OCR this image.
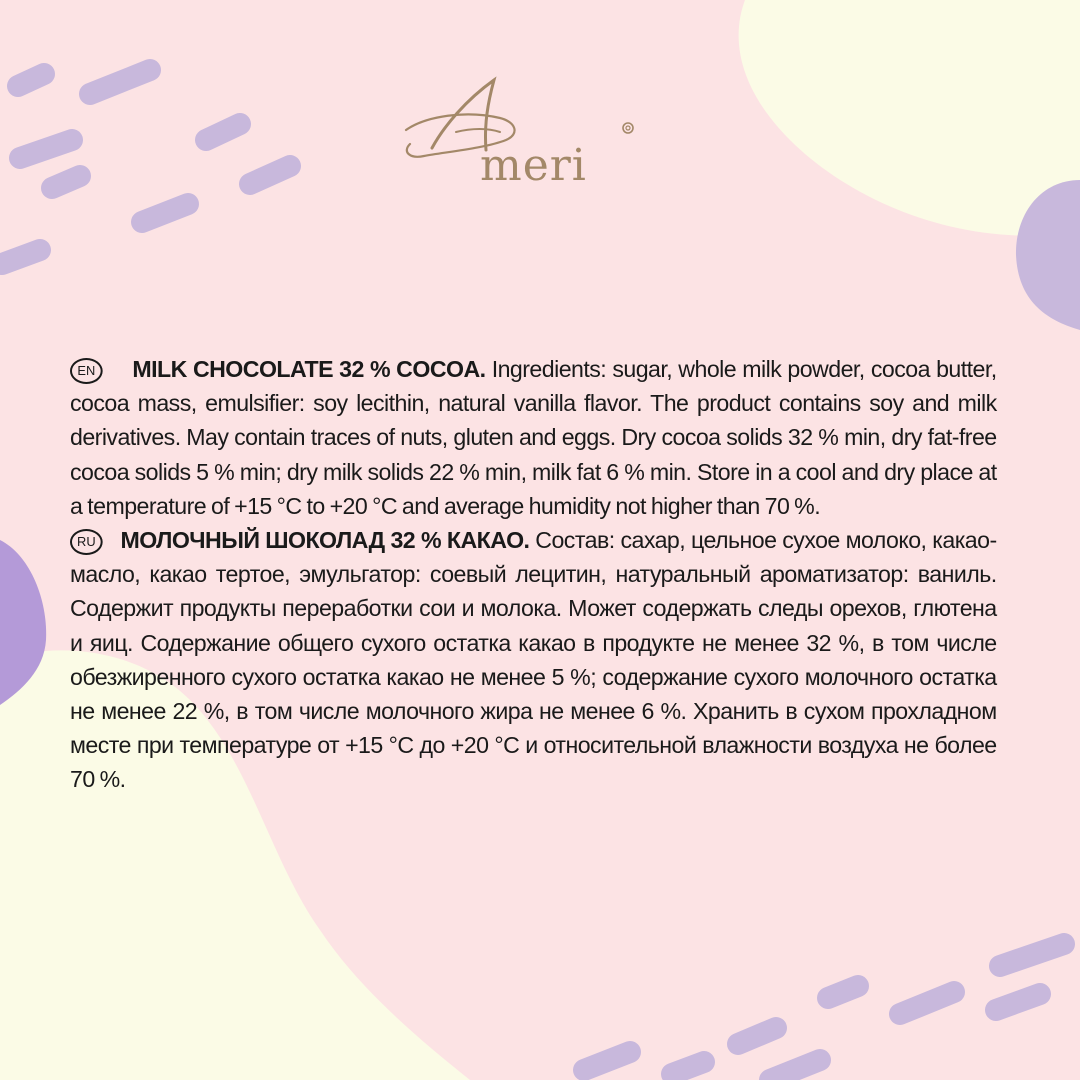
meri

EN MILK CHOCOLATE 32 % COCOA. Ingredients: sugar, whole milk powder, cocoa butter, cocoa mass, emulsifier: soy lecithin, natural vanilla flavor. The product contains soy and milk derivatives. May contain traces of nuts, gluten and eggs. Dry cocoa solids 32 % min, dry fat-free cocoa solids 5 % min; dry milk solids 22 % min, milk fat 6 % min. Store in a cool and dry place at a temperature of +15 °C to +20 °C and average humidity not higher than 70 %.

RU МОЛОЧНЫЙ ШОКОЛАД 32 % КАКАО. Состав: сахар, цельное сухое молоко, какао-масло, какао тертое, эмульгатор: соевый лецитин, натуральный ароматизатор: ваниль. Содержит продукты переработки сои и молока. Может содержать следы орехов, глютена и яиц. Содержание общего сухого остатка какао в продукте не менее 32 %, в том числе обезжиренного сухого остатка какао не менее 5 %; содержание сухого молочного остатка не менее 22 %, в том числе молочного жира не менее 6 %. Хранить в сухом прохладном месте при температуре от +15 °С до +20 °С и относительной влажности воздуха не более 70 %.
